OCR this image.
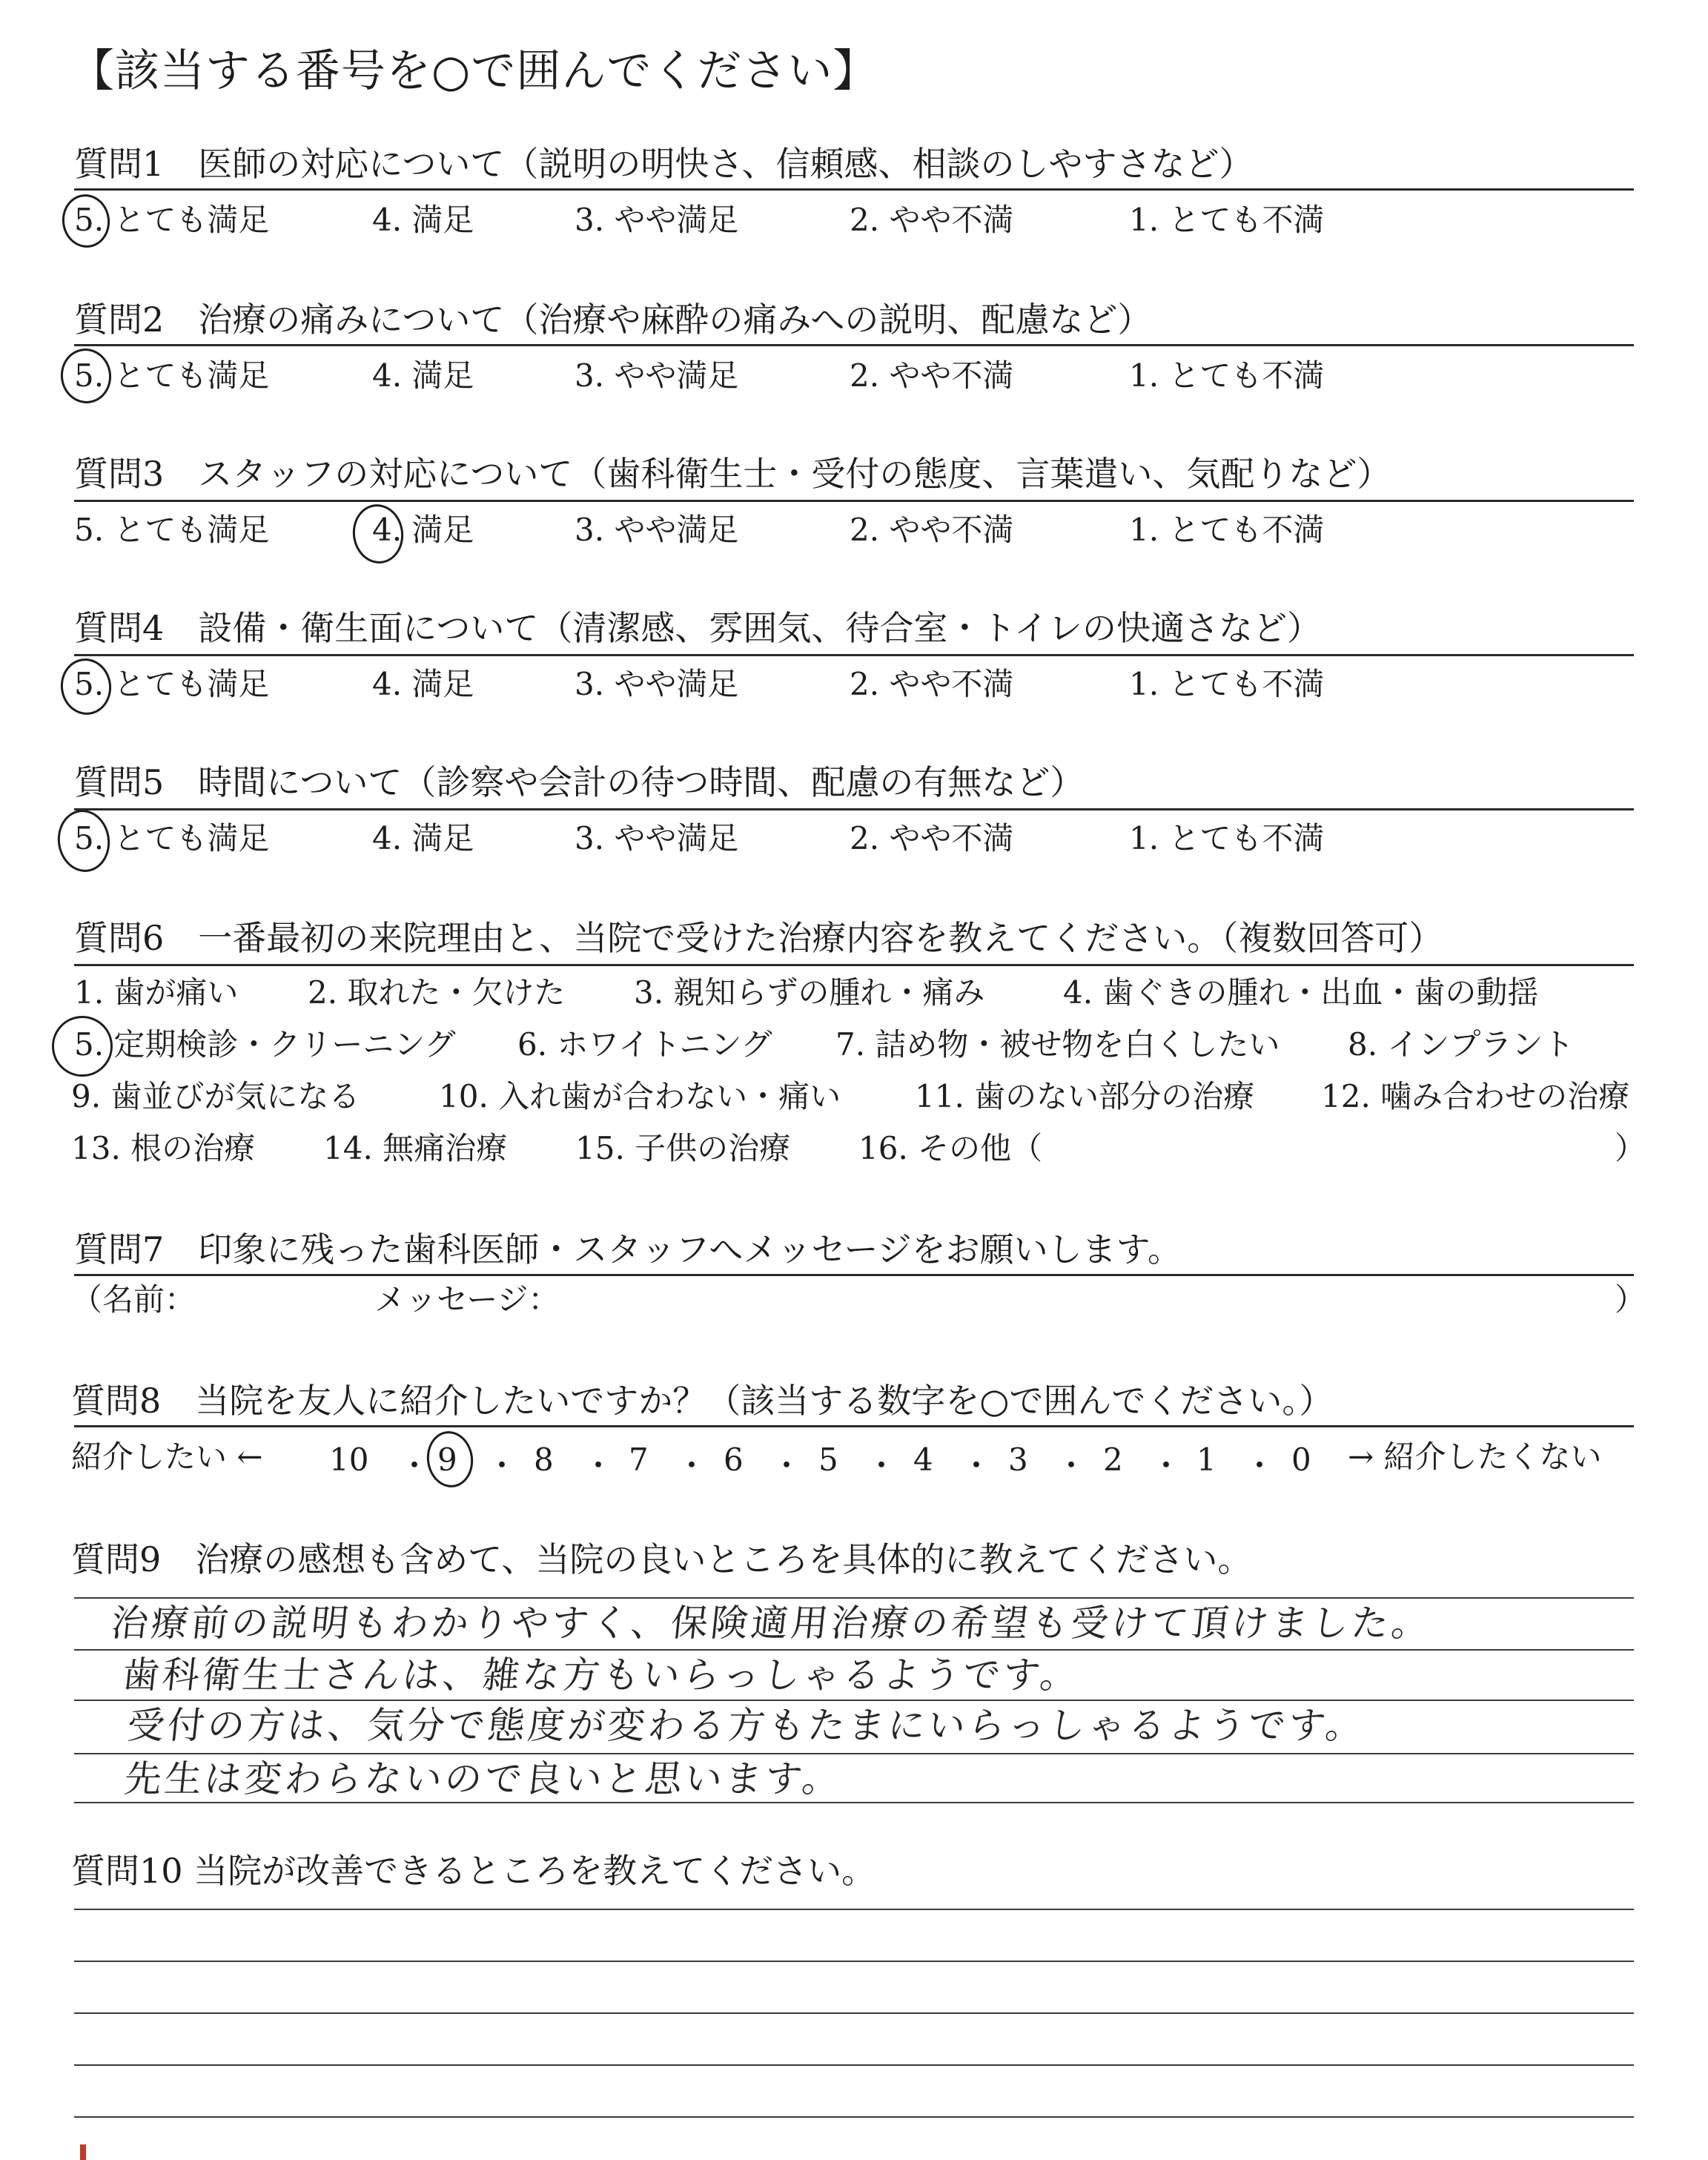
【該当する番号を○で囲んでください】
質問1　医師の対応について（説明の明快さ、信頼感、相談のしやすさなど）
5. とても満足	4. 満足	3. やや満足	2. やや不満	1. とても不満
質問2　治療の痛みについて（治療や麻酔の痛みへの説明、配慮など）
5. とても満足	4. 満足	3. やや満足	2. やや不満	1. とても不満
質問3　スタッフの対応について（歯科衛生士・受付の態度、言葉遣い、気配りなど）
5. とても満足	4. 満足	3. やや満足	2. やや不満	1. とても不満
質問4　設備・衛生面について（清潔感、雰囲気、待合室・トイレの快適さなど）
5. とても満足	4. 満足	3. やや満足	2. やや不満	1. とても不満
質問5　時間について（診察や会計の待つ時間、配慮の有無など）
5. とても満足	4. 満足	3. やや満足	2. やや不満	1. とても不満
質問6　一番最初の来院理由と、当院で受けた治療内容を教えてください。（複数回答可）
1. 歯が痛い 2. 取れた・欠けた 3. 親知らずの腫れ・痛み	4. 歯ぐきの腫れ・出血・歯の動揺
5. 定期検診・クリーニング 6. ホワイトニング 7. 詰め物・被せ物を白くしたい 8. インプラント
9. 歯並びが気になる	10. 入れ歯が合わない・痛い 11. 歯のない部分の治療 12. 噛み合わせの治療
13. 根の治療 14. 無痛治療 15. 子供の治療 16. その他（	）
質問7　印象に残った歯科医師・スタッフへメッセージをお願いします。
（名前：	メッセージ：	）
質問8　当院を友人に紹介したいですか？（該当する数字を○で囲んでください。）
紹介したい ← 10 ・ 9 ・ 8 ・ 7 ・ 6 ・ 5 ・ 4 ・ 3 ・ 2 ・ 1 ・ 0 → 紹介したくない
質問9　治療の感想も含めて、当院の良いところを具体的に教えてください。
治療前の説明もわかりやすく、保険適用治療の希望も受けて頂けました。
歯科衛生士さんは、雑な方もいらっしゃるようです。
受付の方は、気分で態度が変わる方もたまにいらっしゃるようです。
先生は変わらないので良いと思います。
質問10 当院が改善できるところを教えてください。
